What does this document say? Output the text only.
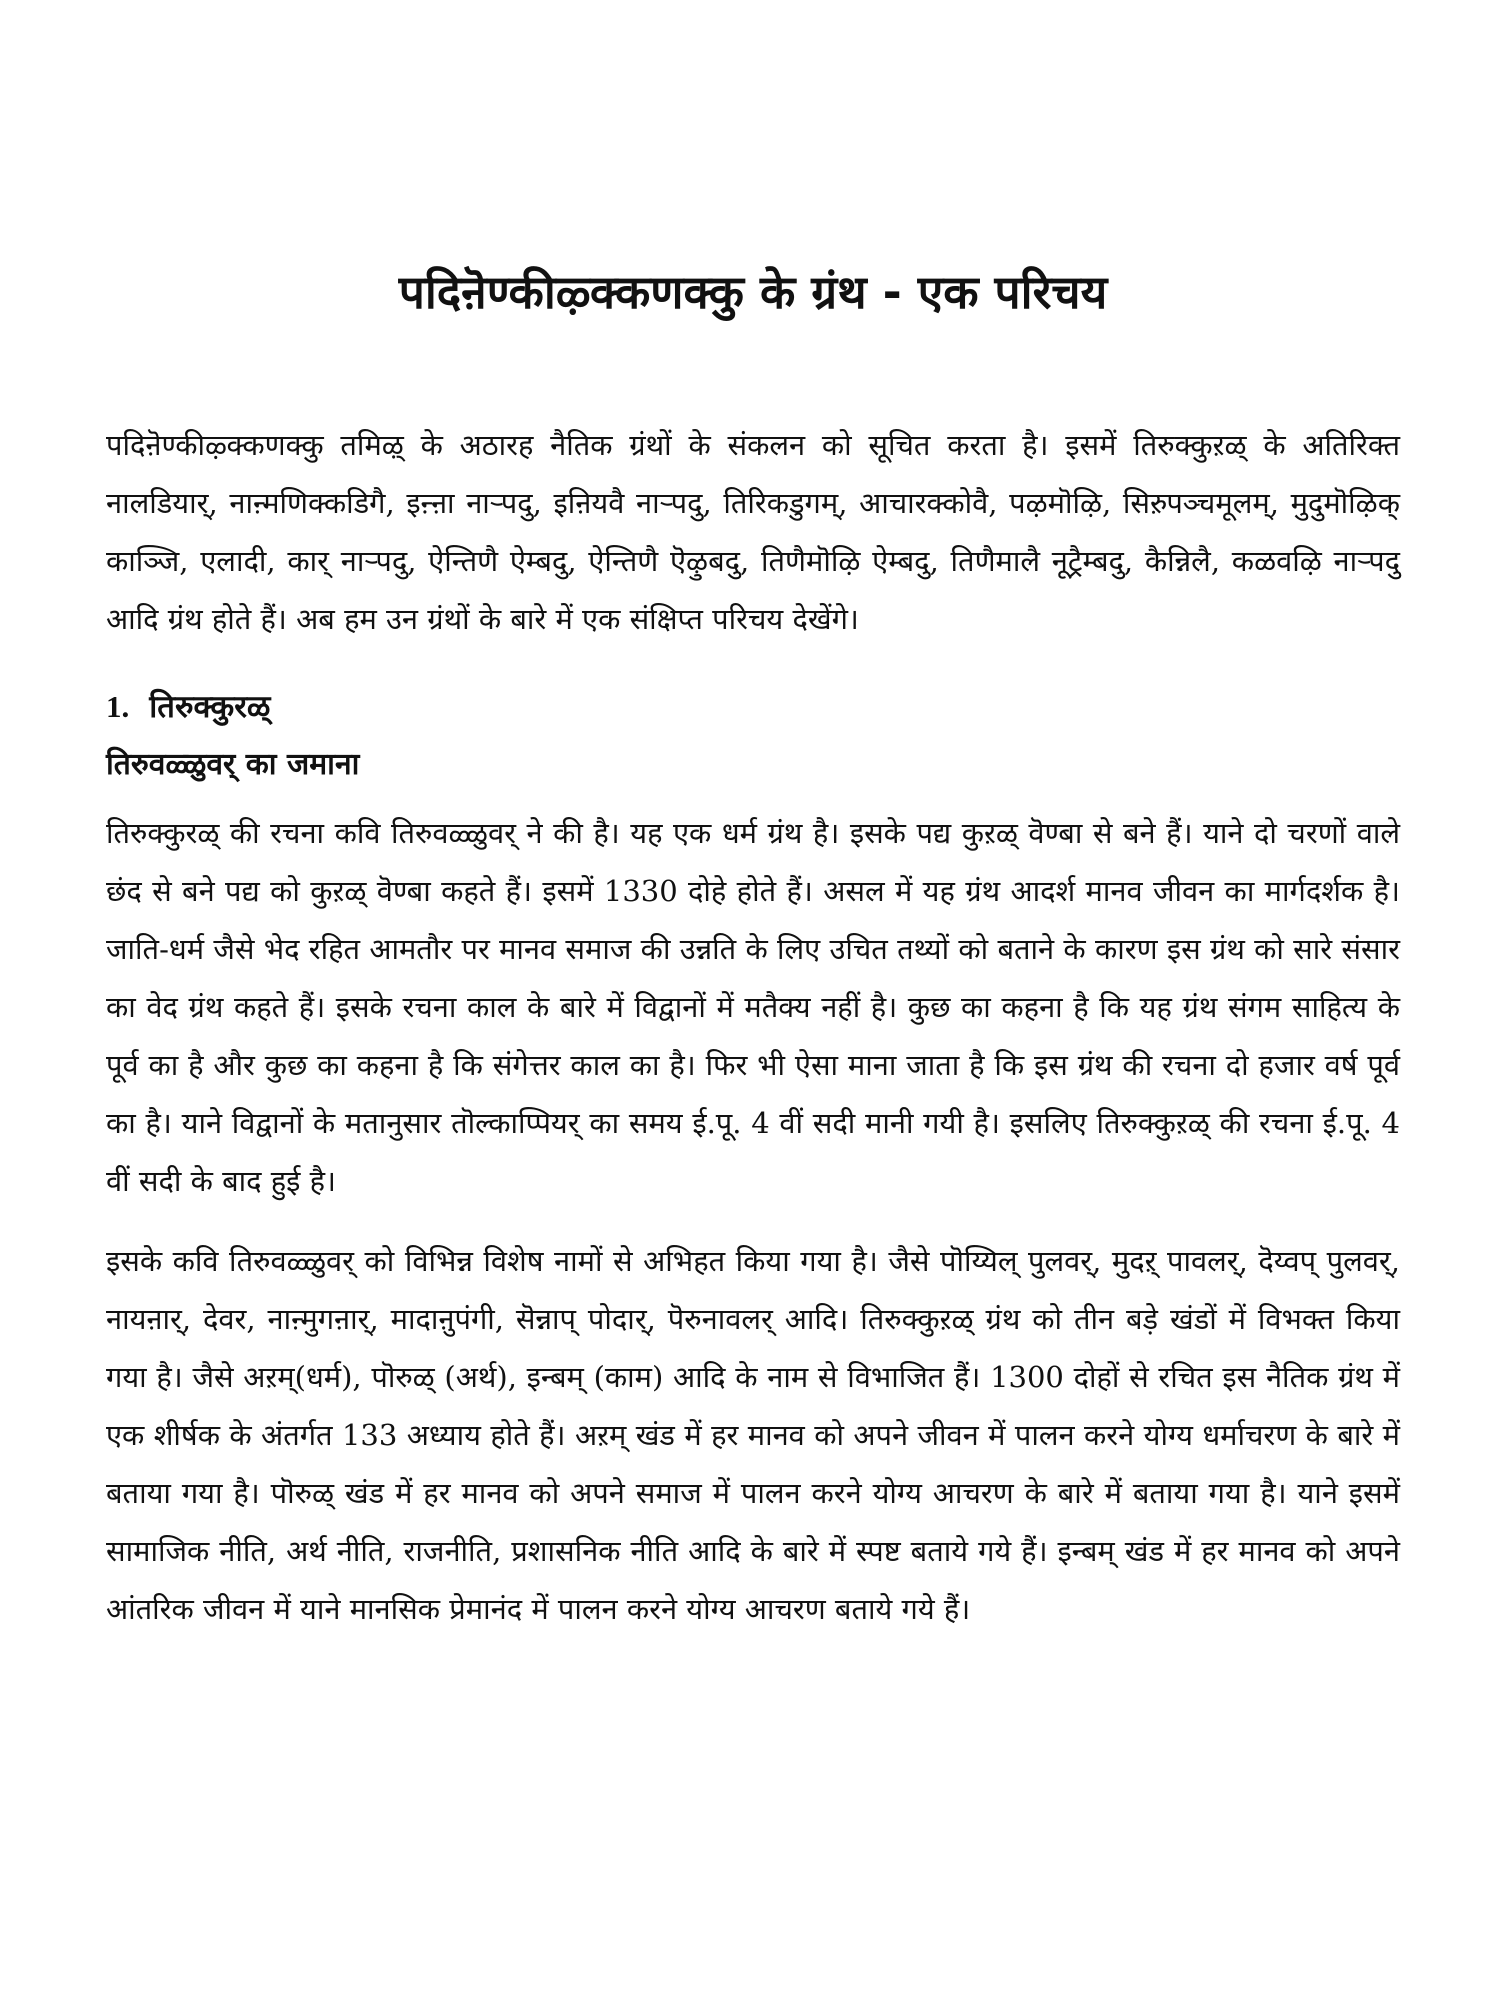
पदिऩॆण्कीऴ्क्कणक्कु के ग्रंथ - एक परिचय

पदिऩॆण्कीऴ्क्कणक्कु तमिऴ् के अठारह नैतिक ग्रंथों के संकलन को सूचित करता है। इसमें तिरुक्कुऱळ् के अतिरिक्त नालडियार्, नाऩ्मणिक्कडिगै, इऩ्ऩा नाऱ्पदु, इऩियवै नाऱ्पदु, तिरिकडुगम्, आचारक्कोवै, पऴमॊऴि, सिऱुपञ्चमूलम्, मुदुमॊऴिक् काञ्जि, एलादी, कार् नाऱ्पदु, ऐन्तिणै ऐम्बदु, ऐन्तिणै ऎऴुबदु, तिणैमॊऴि ऐम्बदु, तिणैमालै नूट्रैम्बदु, कैन्निलै, कळवऴि नाऱ्पदु आदि ग्रंथ होते हैं। अब हम उन ग्रंथों के बारे में एक संक्षिप्त परिचय देखेंगे।

1. तिरुक्कुरळ्
तिरुवळ्ळुवर् का जमाना

तिरुक्कुरळ् की रचना कवि तिरुवळ्ळुवर् ने की है। यह एक धर्म ग्रंथ है। इसके पद्य कुऱळ् वॆण्बा से बने हैं। याने दो चरणों वाले छंद से बने पद्य को कुऱळ् वॆण्बा कहते हैं। इसमें 1330 दोहे होते हैं। असल में यह ग्रंथ आदर्श मानव जीवन का मार्गदर्शक है। जाति-धर्म जैसे भेद रहित आमतौर पर मानव समाज की उन्नति के लिए उचित तथ्यों को बताने के कारण इस ग्रंथ को सारे संसार का वेद ग्रंथ कहते हैं। इसके रचना काल के बारे में विद्वानों में मतैक्य नहीं है। कुछ का कहना है कि यह ग्रंथ संगम साहित्य के पूर्व का है और कुछ का कहना है कि संगेत्तर काल का है। फिर भी ऐसा माना जाता है कि इस ग्रंथ की रचना दो हजार वर्ष पूर्व का है। याने विद्वानों के मतानुसार तॊल्काप्पियर् का समय ई.पू. 4 वीं सदी मानी गयी है। इसलिए तिरुक्कुऱळ् की रचना ई.पू. 4 वीं सदी के बाद हुई है।

इसके कवि तिरुवळ्ळुवर् को विभिन्न विशेष नामों से अभिहत किया गया है। जैसे पॊय्यिल् पुलवर्, मुदऱ् पावलर्, दॆय्वप् पुलवर्, नायऩार्, देवर, नाऩ्मुगऩार्, मादाऩुपंगी, सॆन्नाप् पोदार्, पॆरुनावलर् आदि। तिरुक्कुऱळ् ग्रंथ को तीन बड़े खंडों में विभक्त किया गया है। जैसे अऱम्(धर्म), पॊरुळ् (अर्थ), इन्बम् (काम) आदि के नाम से विभाजित हैं। 1300 दोहों से रचित इस नैतिक ग्रंथ में एक शीर्षक के अंतर्गत 133 अध्याय होते हैं। अऱम् खंड में हर मानव को अपने जीवन में पालन करने योग्य धर्माचरण के बारे में बताया गया है। पॊरुळ् खंड में हर मानव को अपने समाज में पालन करने योग्य आचरण के बारे में बताया गया है। याने इसमें सामाजिक नीति, अर्थ नीति, राजनीति, प्रशासनिक नीति आदि के बारे में स्पष्ट बताये गये हैं। इन्बम् खंड में हर मानव को अपने आंतरिक जीवन में याने मानसिक प्रेमानंद में पालन करने योग्य आचरण बताये गये हैं।
